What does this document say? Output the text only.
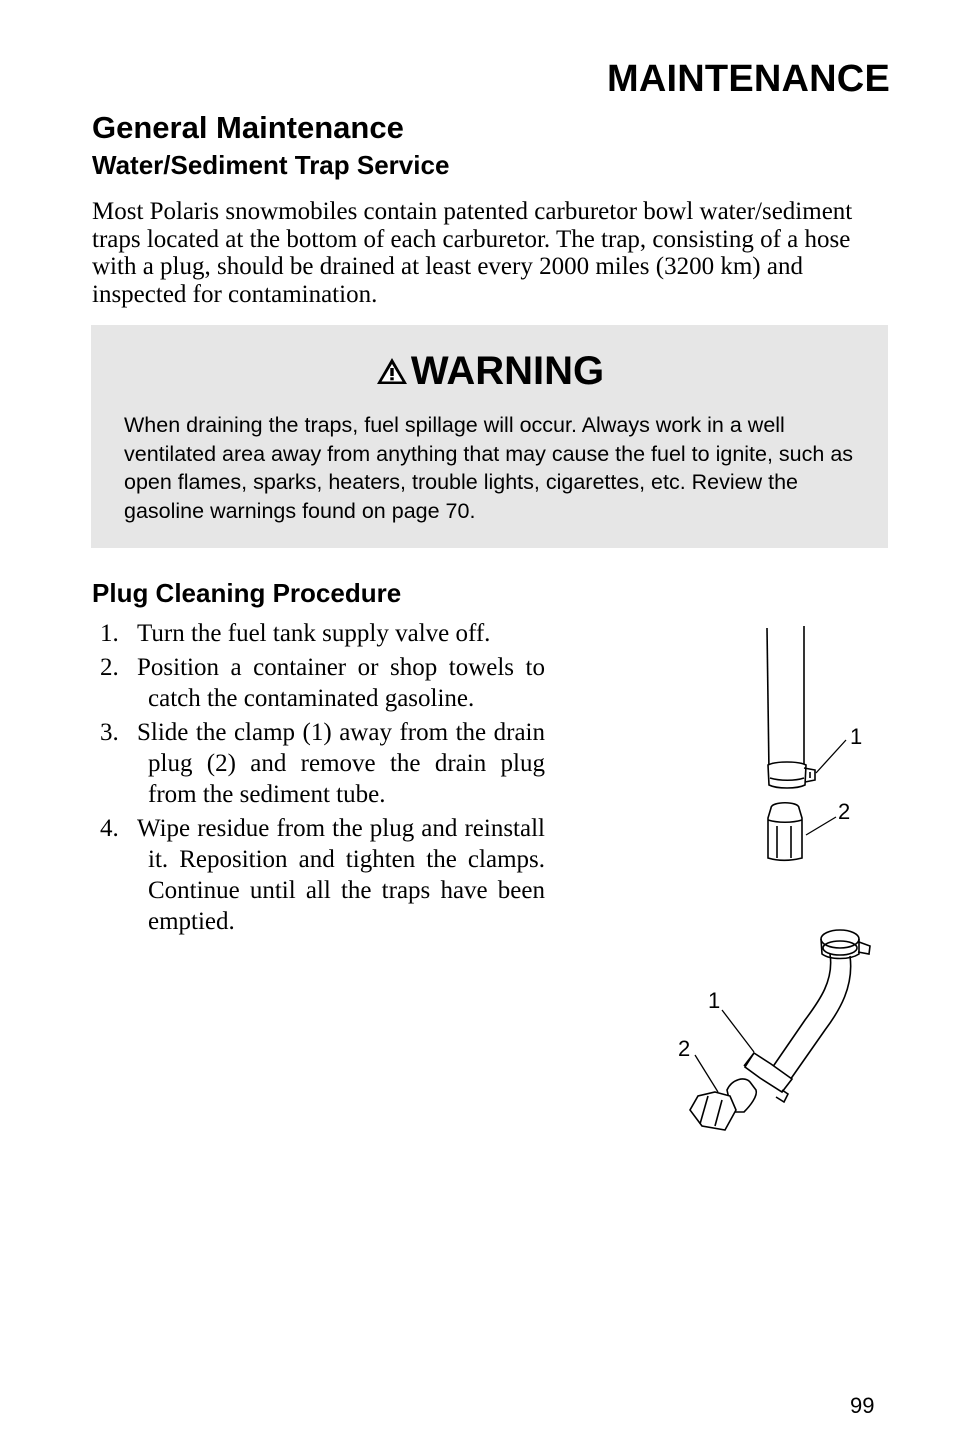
MAINTENANCE
General Maintenance
Water/Sediment Trap Service
Most Polaris snowmobiles contain patented carburetor bowl water/sediment traps located at the bottom of each carburetor. The trap, consisting of a hose with a plug, should be drained at least every 2000 miles (3200 km) and inspected for contamination.
WARNING
When draining the traps, fuel spillage will occur. Always work in a well ventilated area away from anything that may cause the fuel to ignite, such as open flames, sparks, heaters, trouble lights, cigarettes, etc. Review the gasoline warnings found on page 70.
Plug Cleaning Procedure
1. Turn the fuel tank supply valve off.
2. Position a container or shop towels to catch the contaminated gasoline.
3. Slide the clamp (1) away from the drain plug (2) and remove the drain plug from the sediment tube.
4. Wipe residue from the plug and reinstall it. Reposition and tighten the clamps. Continue until all the traps have been emptied.
1
2
1
2
99
